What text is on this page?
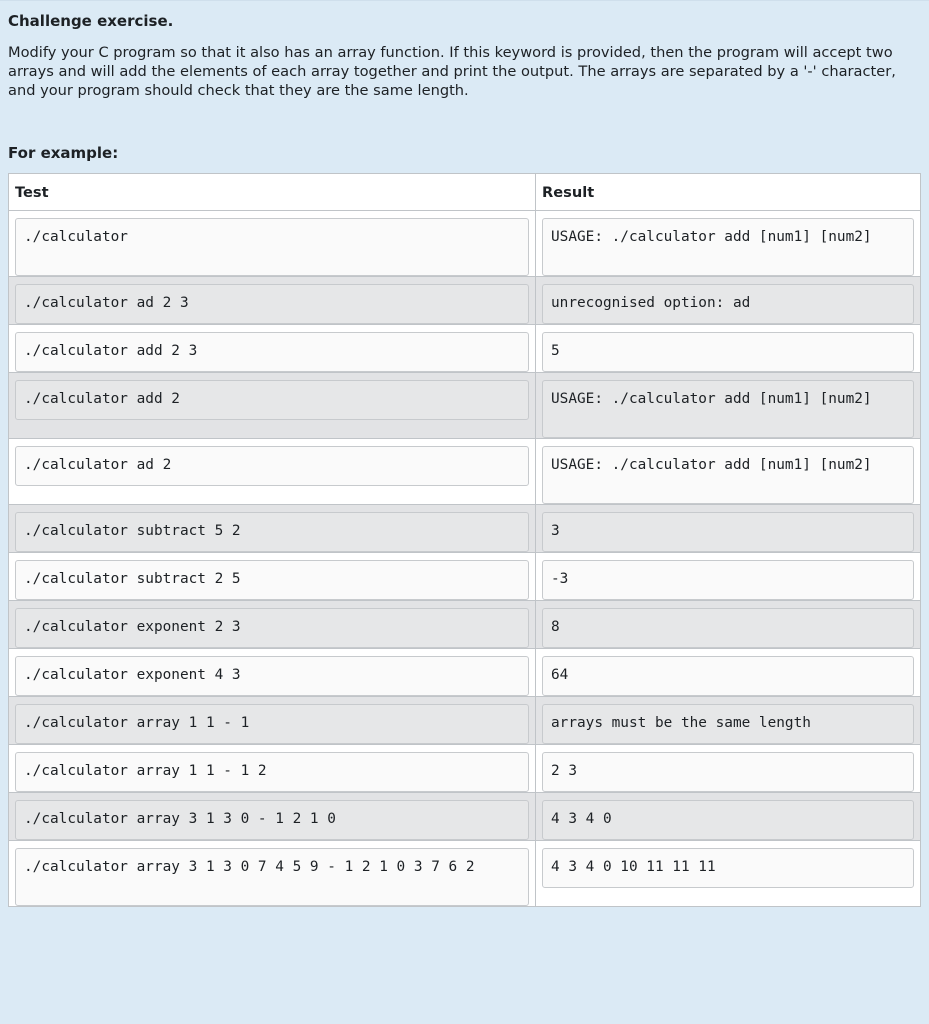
Challenge exercise.

Modify your C program so that it also has an array function. If this keyword is provided, then the program will accept two arrays and will add the elements of each array together and print the output. The arrays are separated by a '-' character, and your program should check that they are the same length.

For example:
Test	Result

./calculator	USAGE: ./calculator add [num1] [num2]

./calculator ad 2 3	unrecognised option: ad

./calculator add 2 3	5

./calculator add 2	USAGE: ./calculator add [num1] [num2]

./calculator ad 2	USAGE: ./calculator add [num1] [num2]

./calculator subtract 5 2	3

./calculator subtract 2 5	-3

./calculator exponent 2 3	8

./calculator exponent 4 3	64

./calculator array 1 1 - 1	arrays must be the same length

./calculator array 1 1 - 1 2	2 3

./calculator array 3 1 3 0 - 1 2 1 0	4 3 4 0

./calculator array 3 1 3 0 7 4 5 9 - 1 2 1 0 3 7 6 2	4 3 4 0 10 11 11 11
